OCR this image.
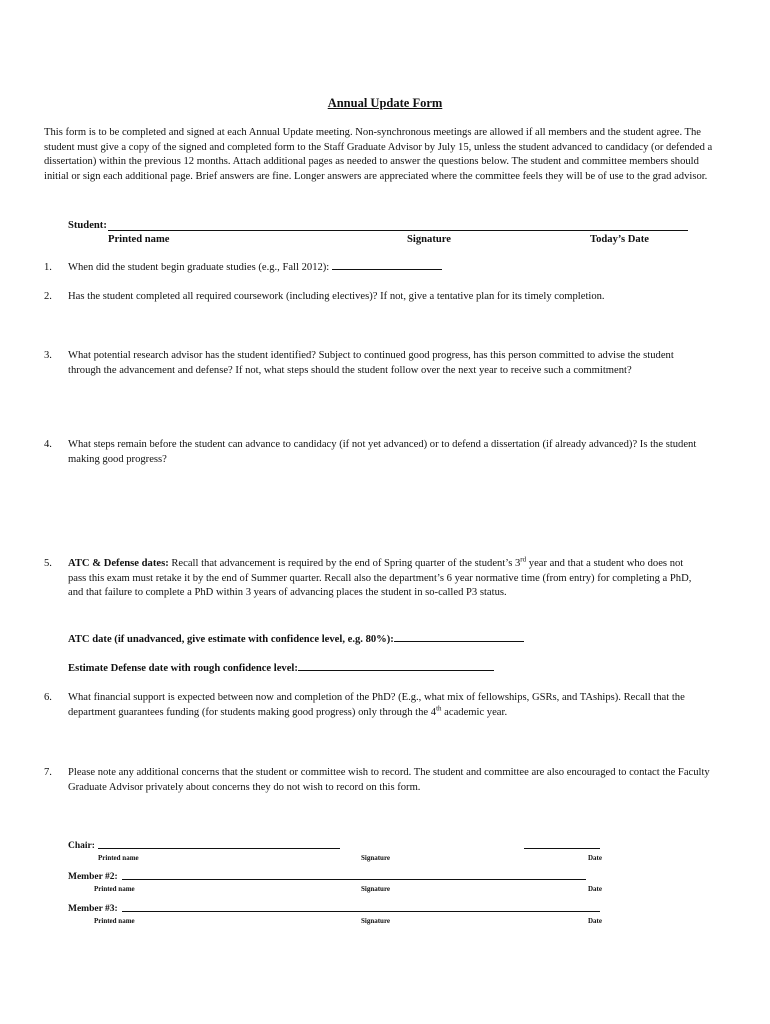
Annual Update Form

This form is to be completed and signed at each Annual Update meeting. Non-synchronous meetings are allowed if all members and the student agree. The student must give a copy of the signed and completed form to the Staff Graduate Advisor by July 15, unless the student advanced to candidacy (or defended a dissertation) within the previous 12 months. Attach additional pages as needed to answer the questions below. The student and committee members should initial or sign each additional page. Brief answers are fine. Longer answers are appreciated where the committee feels they will be of use to the grad advisor.

Student:
Printed name	Signature	Today’s Date
1. When did the student begin graduate studies (e.g., Fall 2012):
2. Has the student completed all required coursework (including electives)? If not, give a tentative plan for its timely completion.

3. What potential research advisor has the student identified? Subject to continued good progress, has this person committed to advise the student through the advancement and defense? If not, what steps should the student follow over the next year to receive such a commitment?

4. What steps remain before the student can advance to candidacy (if not yet advanced) or to defend a dissertation (if already advanced)? Is the student making good progress?

5. ATC & Defense dates: Recall that advancement is required by the end of Spring quarter of the student’s 3rd year and that a student who does not pass this exam must retake it by the end of Summer quarter. Recall also the department’s 6 year normative time (from entry) for completing a PhD, and that failure to complete a PhD within 3 years of advancing places the student in so-called P3 status.

ATC date (if unadvanced, give estimate with confidence level, e.g. 80%):
Estimate Defense date with rough confidence level:
6. What financial support is expected between now and completion of the PhD? (E.g., what mix of fellowships, GSRs, and TAships). Recall that the department guarantees funding (for students making good progress) only through the 4th academic year.

7. Please note any additional concerns that the student or committee wish to record. The student and committee are also encouraged to contact the Faculty Graduate Advisor privately about concerns they do not wish to record on this form.

Chair:
Printed name	Signature	Date
Member #2:
Printed name	Signature	Date
Member #3:
Printed name	Signature	Date
